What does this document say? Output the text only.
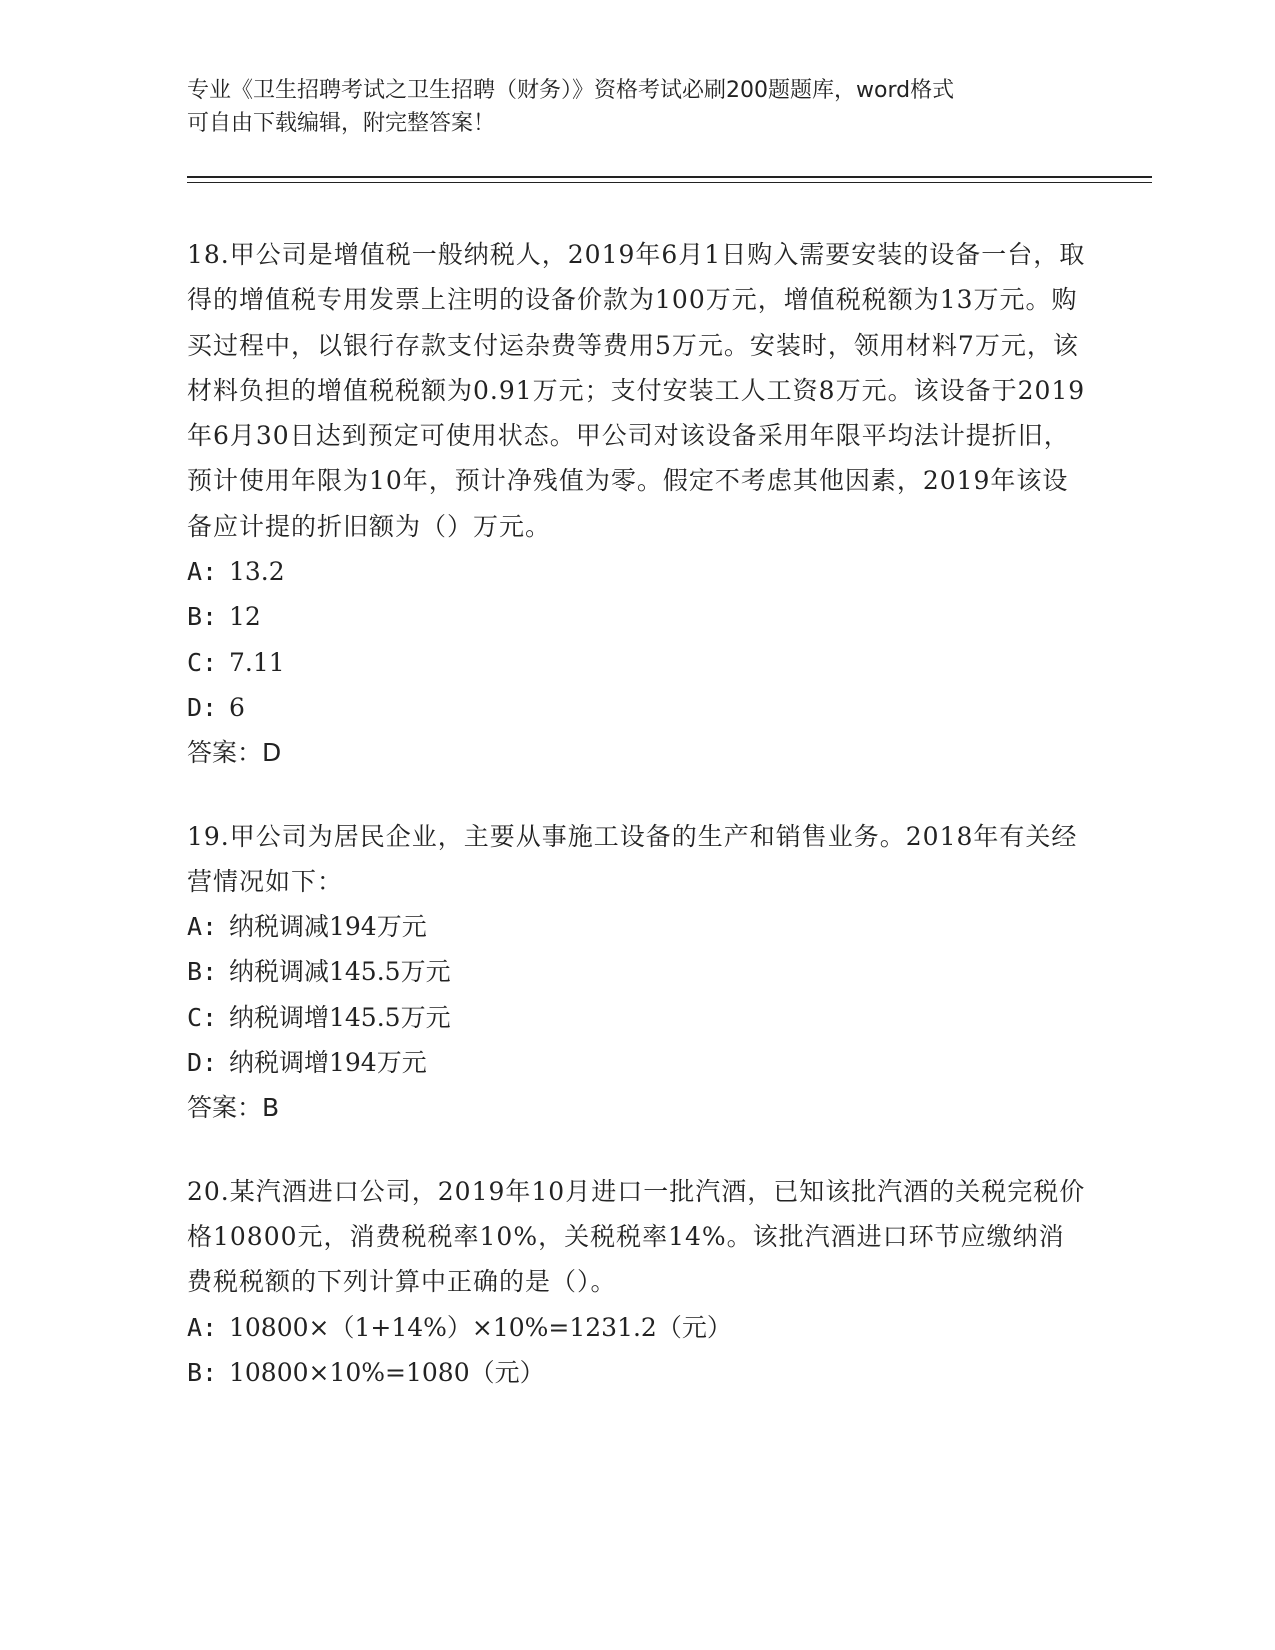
专业《卫生招聘考试之卫生招聘（财务）》资格考试必刷200题题库，word格式

可自由下载编辑，附完整答案！

18.甲公司是增值税一般纳税人，2019年6月1日购入需要安装的设备一台，取得的增值税专用发票上注明的设备价款为100万元，增值税税额为13万元。购买过程中，以银行存款支付运杂费等费用5万元。安装时，领用材料7万元，该材料负担的增值税税额为0.91万元；支付安装工人工资8万元。该设备于2019年6月30日达到预定可使用状态。甲公司对该设备采用年限平均法计提折旧，预计使用年限为10年，预计净残值为零。假定不考虑其他因素，2019年该设备应计提的折旧额为（）万元。

A: 13.2

B: 12

C: 7.11

D: 6

答案：D

19.甲公司为居民企业，主要从事施工设备的生产和销售业务。2018年有关经营情况如下：

A: 纳税调减194万元

B: 纳税调减145.5万元

C: 纳税调增145.5万元

D: 纳税调增194万元

答案：B

20.某汽酒进口公司，2019年10月进口一批汽酒，已知该批汽酒的关税完税价格10800元，消费税税率10%，关税税率14%。该批汽酒进口环节应缴纳消费税税额的下列计算中正确的是（）。

A: 10800×（1+14%）×10%=1231.2（元）

B: 10800×10%=1080（元）
